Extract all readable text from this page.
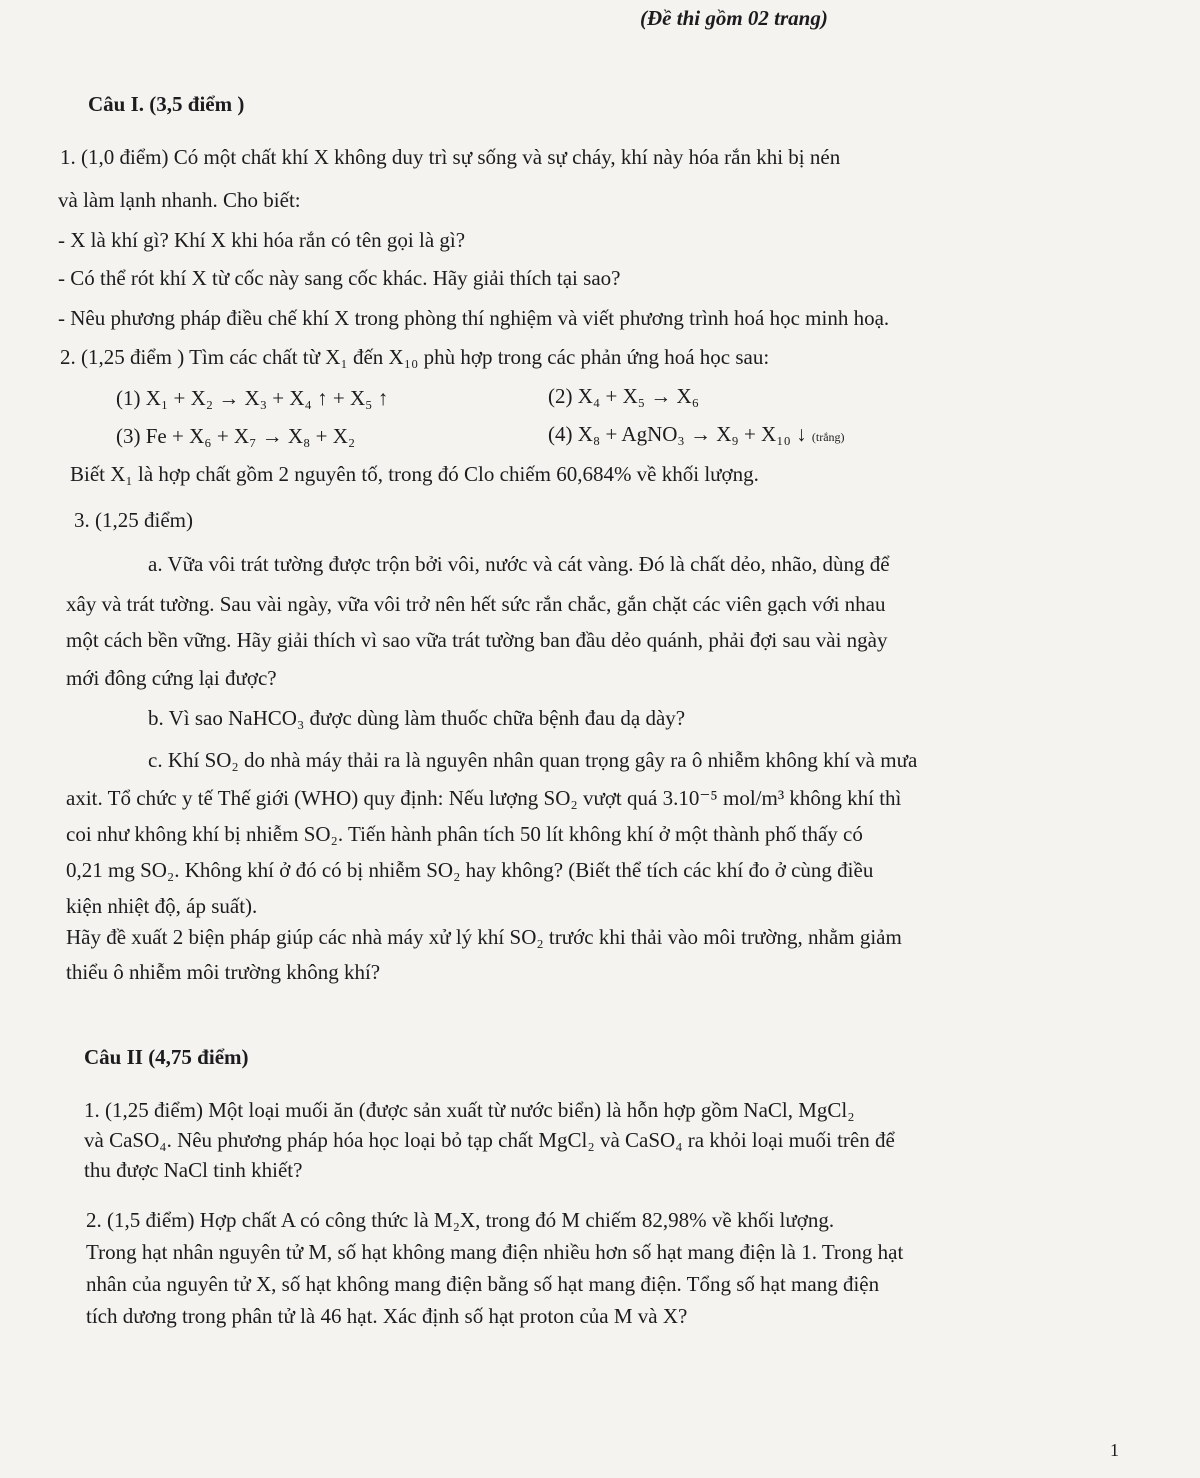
(Đề thi gồm 02 trang)
Câu I. (3,5 điểm )
1. (1,0 điểm) Có một chất khí X không duy trì sự sống và sự cháy, khí này hóa rắn khi bị nén
và làm lạnh nhanh. Cho biết:
- X là khí gì? Khí X khi hóa rắn có tên gọi là gì?
- Có thể rót khí X từ cốc này sang cốc khác. Hãy giải thích tại sao?
- Nêu phương pháp điều chế khí X trong phòng thí nghiệm và viết phương trình hoá học minh hoạ.
2. (1,25 điểm ) Tìm các chất từ X₁ đến X₁₀ phù hợp trong các phản ứng hoá học sau:
Biết X₁ là hợp chất gồm 2 nguyên tố, trong đó Clo chiếm 60,684% về khối lượng.
3. (1,25 điểm)
a. Vữa vôi trát tường được trộn bởi vôi, nước và cát vàng. Đó là chất dẻo, nhão, dùng để
xây và trát tường. Sau vài ngày, vữa vôi trở nên hết sức rắn chắc, gắn chặt các viên gạch với nhau
một cách bền vững. Hãy giải thích vì sao vữa trát tường ban đầu dẻo quánh, phải đợi sau vài ngày
mới đông cứng lại được?
b. Vì sao NaHCO₃ được dùng làm thuốc chữa bệnh đau dạ dày?
c. Khí SO₂ do nhà máy thải ra là nguyên nhân quan trọng gây ra ô nhiễm không khí và mưa
axit. Tổ chức y tế Thế giới (WHO) quy định: Nếu lượng SO₂ vượt quá 3.10⁻⁵ mol/m³ không khí thì
coi như không khí bị nhiễm SO₂. Tiến hành phân tích 50 lít không khí ở một thành phố thấy có
0,21 mg SO₂. Không khí ở đó có bị nhiễm SO₂ hay không? (Biết thể tích các khí đo ở cùng điều
kiện nhiệt độ, áp suất).
Hãy đề xuất 2 biện pháp giúp các nhà máy xử lý khí SO₂ trước khi thải vào môi trường, nhằm giảm
thiểu ô nhiễm môi trường không khí?
Câu II (4,75 điểm)
1. (1,25 điểm) Một loại muối ăn (được sản xuất từ nước biển) là hỗn hợp gồm NaCl, MgCl₂
và CaSO₄. Nêu phương pháp hóa học loại bỏ tạp chất MgCl₂ và CaSO₄ ra khỏi loại muối trên để
thu được NaCl tinh khiết?
2. (1,5 điểm) Hợp chất A có công thức là M₂X, trong đó M chiếm 82,98% về khối lượng.
Trong hạt nhân nguyên tử M, số hạt không mang điện nhiều hơn số hạt mang điện là 1. Trong hạt
nhân của nguyên tử X, số hạt không mang điện bằng số hạt mang điện. Tổng số hạt mang điện
tích dương trong phân tử là 46 hạt. Xác định số hạt proton của M và X?
(1) X₁ + X₂ → X₃ + X₄ ↑ + X₅ ↑	(2) X₄ + X₅ → X₆
(3) Fe + X₆ + X₇ → X₈ + X₂	(4) X₈ + AgNO₃ → X₉ + X₁₀ ↓ (trắng)
1
